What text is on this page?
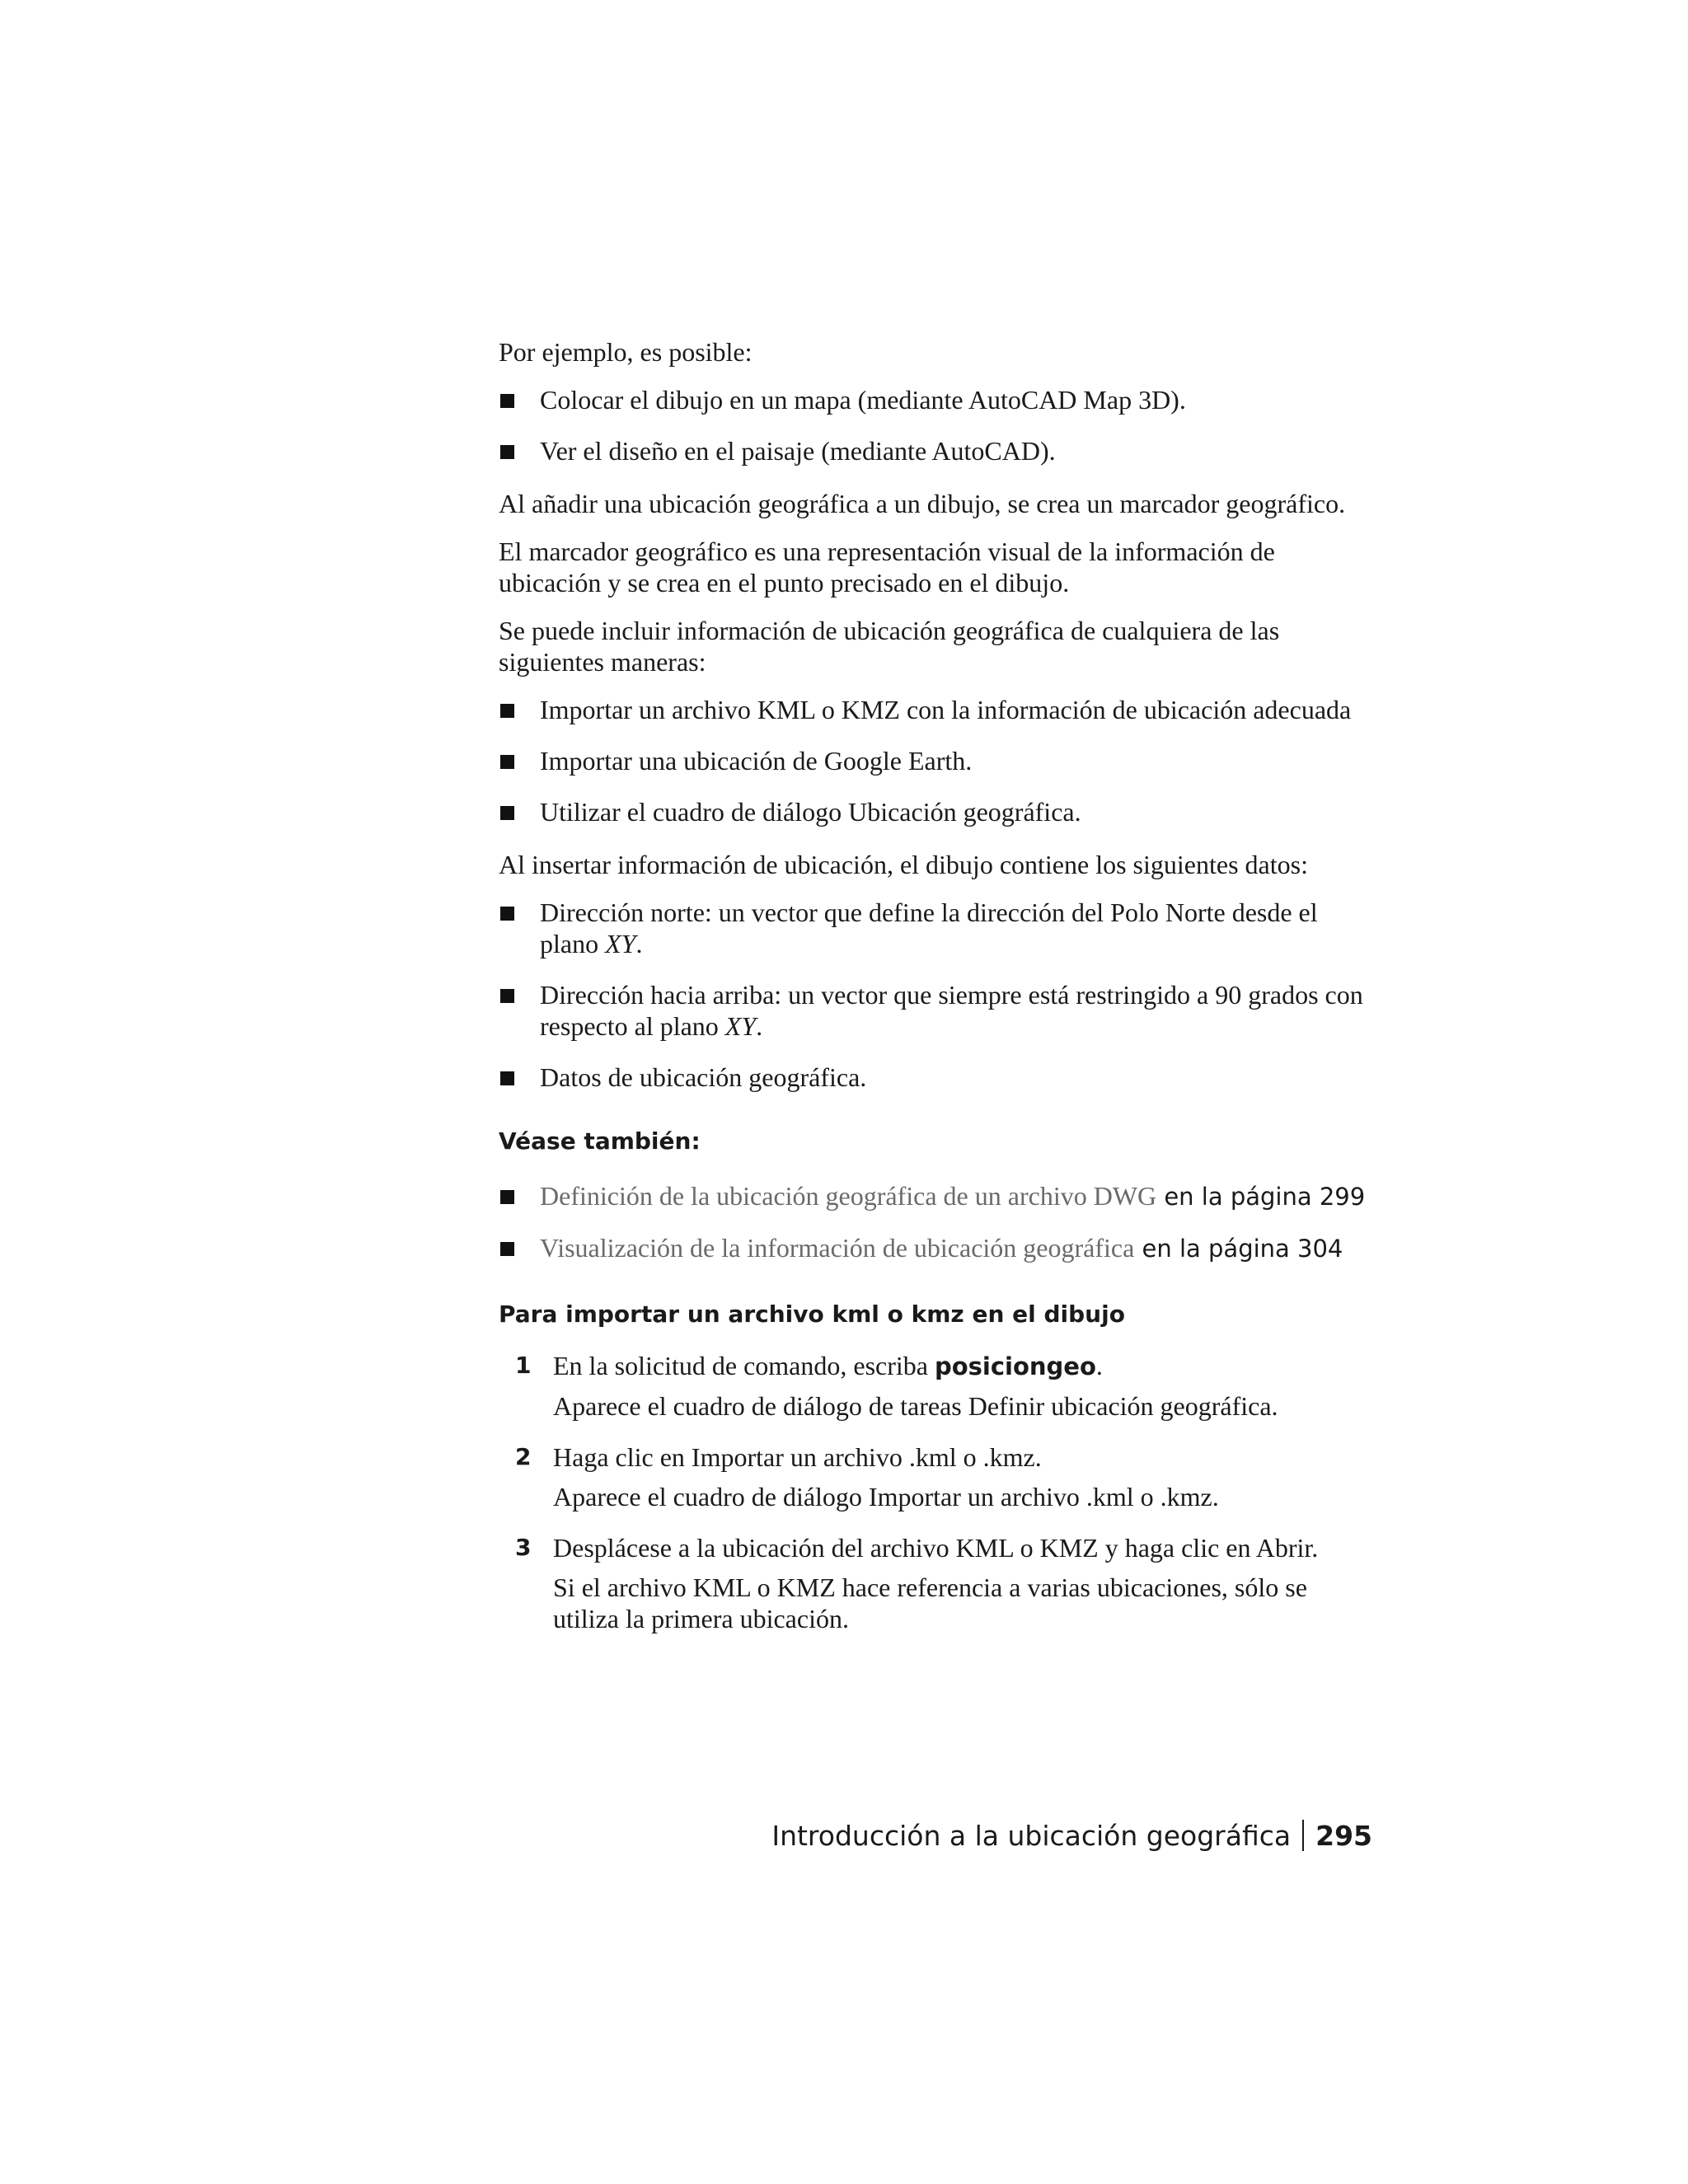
Por ejemplo, es posible:

Colocar el dibujo en un mapa (mediante AutoCAD Map 3D).
Ver el diseño en el paisaje (mediante AutoCAD).

Al añadir una ubicación geográfica a un dibujo, se crea un marcador geográfico.

El marcador geográfico es una representación visual de la información de ubicación y se crea en el punto precisado en el dibujo.

Se puede incluir información de ubicación geográfica de cualquiera de las siguientes maneras:

Importar un archivo KML o KMZ con la información de ubicación adecuada
Importar una ubicación de Google Earth.
Utilizar el cuadro de diálogo Ubicación geográfica.

Al insertar información de ubicación, el dibujo contiene los siguientes datos:

Dirección norte: un vector que define la dirección del Polo Norte desde el plano XY.
Dirección hacia arriba: un vector que siempre está restringido a 90 grados con respecto al plano XY.
Datos de ubicación geográfica.

Véase también:

Definición de la ubicación geográfica de un archivo DWG en la página 299
Visualización de la información de ubicación geográfica en la página 304

Para importar un archivo kml o kmz en el dibujo

1 En la solicitud de comando, escriba posiciongeo.

Aparece el cuadro de diálogo de tareas Definir ubicación geográfica.

2 Haga clic en Importar un archivo .kml o .kmz.

Aparece el cuadro de diálogo Importar un archivo .kml o .kmz.

3 Desplácese a la ubicación del archivo KML o KMZ y haga clic en Abrir.

Si el archivo KML o KMZ hace referencia a varias ubicaciones, sólo se utiliza la primera ubicación.

Introducción a la ubicación geográfica 295
